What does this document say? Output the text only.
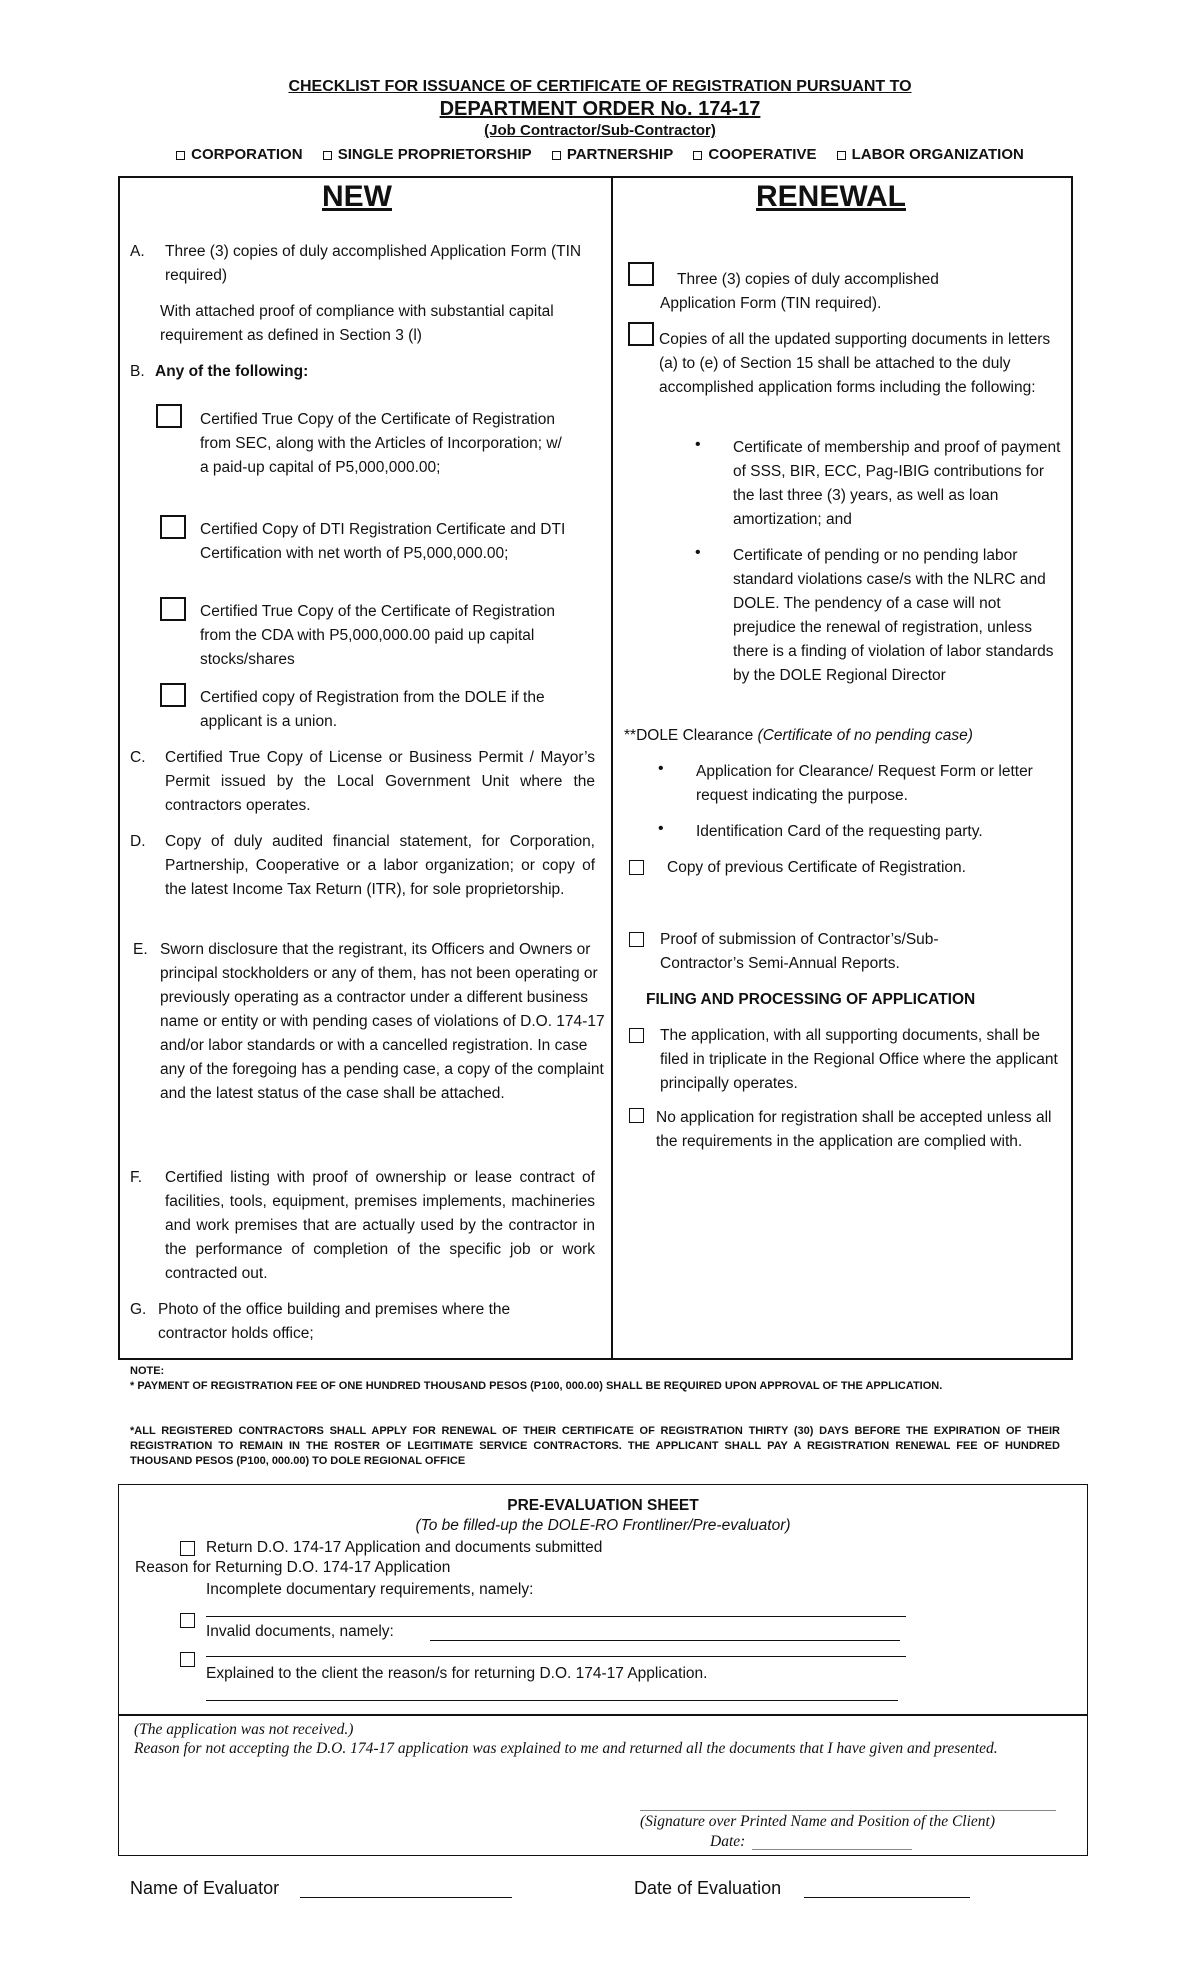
CHECKLIST FOR ISSUANCE OF CERTIFICATE OF REGISTRATION PURSUANT TO
DEPARTMENT ORDER No. 174-17
(Job Contractor/Sub-Contractor)
CORPORATION SINGLE PROPRIETORSHIP PARTNERSHIP COOPERATIVE LABOR ORGANIZATION
NEW
A. Three (3) copies of duly accomplished Application Form (TIN required)
With attached proof of compliance with substantial capital requirement as defined in Section 3 (l)
B. Any of the following:
Certified True Copy of the Certificate of Registration from SEC, along with the Articles of Incorporation; w/ a paid-up capital of P5,000,000.00;
Certified Copy of DTI Registration Certificate and DTI Certification with net worth of P5,000,000.00;
Certified True Copy of the Certificate of Registration from the CDA with P5,000,000.00 paid up capital stocks/shares
Certified copy of Registration from the DOLE if the applicant is a union.
C. Certified True Copy of License or Business Permit / Mayor’s Permit issued by the Local Government Unit where the contractors operates.
D. Copy of duly audited financial statement, for Corporation, Partnership, Cooperative or a labor organization; or copy of the latest Income Tax Return (ITR), for sole proprietorship.
E. Sworn disclosure that the registrant, its Officers and Owners or principal stockholders or any of them, has not been operating or previously operating as a contractor under a different business name or entity or with pending cases of violations of D.O. 174-17 and/or labor standards or with a cancelled registration. In case any of the foregoing has a pending case, a copy of the complaint and the latest status of the case shall be attached.
F. Certified listing with proof of ownership or lease contract of facilities, tools, equipment, premises implements, machineries and work premises that are actually used by the contractor in the performance of completion of the specific job or work contracted out.
G. Photo of the office building and premises where the contractor holds office;
RENEWAL
Three (3) copies of duly accomplished Application Form (TIN required).
Copies of all the updated supporting documents in letters (a) to (e) of Section 15 shall be attached to the duly accomplished application forms including the following:
• Certificate of membership and proof of payment of SSS, BIR, ECC, Pag-IBIG contributions for the last three (3) years, as well as loan amortization; and
• Certificate of pending or no pending labor standard violations case/s with the NLRC and DOLE. The pendency of a case will not prejudice the renewal of registration, unless there is a finding of violation of labor standards by the DOLE Regional Director
**DOLE Clearance (Certificate of no pending case)
• Application for Clearance/ Request Form or letter request indicating the purpose.
• Identification Card of the requesting party.
Copy of previous Certificate of Registration.
Proof of submission of Contractor’s/Sub-Contractor’s Semi-Annual Reports.
FILING AND PROCESSING OF APPLICATION
The application, with all supporting documents, shall be filed in triplicate in the Regional Office where the applicant principally operates.
No application for registration shall be accepted unless all the requirements in the application are complied with.
NOTE:
* PAYMENT OF REGISTRATION FEE OF ONE HUNDRED THOUSAND PESOS (P100, 000.00) SHALL BE REQUIRED UPON APPROVAL OF THE APPLICATION.
*ALL REGISTERED CONTRACTORS SHALL APPLY FOR RENEWAL OF THEIR CERTIFICATE OF REGISTRATION THIRTY (30) DAYS BEFORE THE EXPIRATION OF THEIR REGISTRATION TO REMAIN IN THE ROSTER OF LEGITIMATE SERVICE CONTRACTORS. THE APPLICANT SHALL PAY A REGISTRATION RENEWAL FEE OF HUNDRED THOUSAND PESOS (P100, 000.00) TO DOLE REGIONAL OFFICE
PRE-EVALUATION SHEET
(To be filled-up the DOLE-RO Frontliner/Pre-evaluator)
Return D.O. 174-17 Application and documents submitted
Reason for Returning D.O. 174-17 Application
Incomplete documentary requirements, namely:
Invalid documents, namely:
Explained to the client the reason/s for returning D.O. 174-17 Application.
(The application was not received.)
Reason for not accepting the D.O. 174-17 application was explained to me and returned all the documents that I have given and presented.
(Signature over Printed Name and Position of the Client)
Date:
Name of Evaluator	Date of Evaluation
